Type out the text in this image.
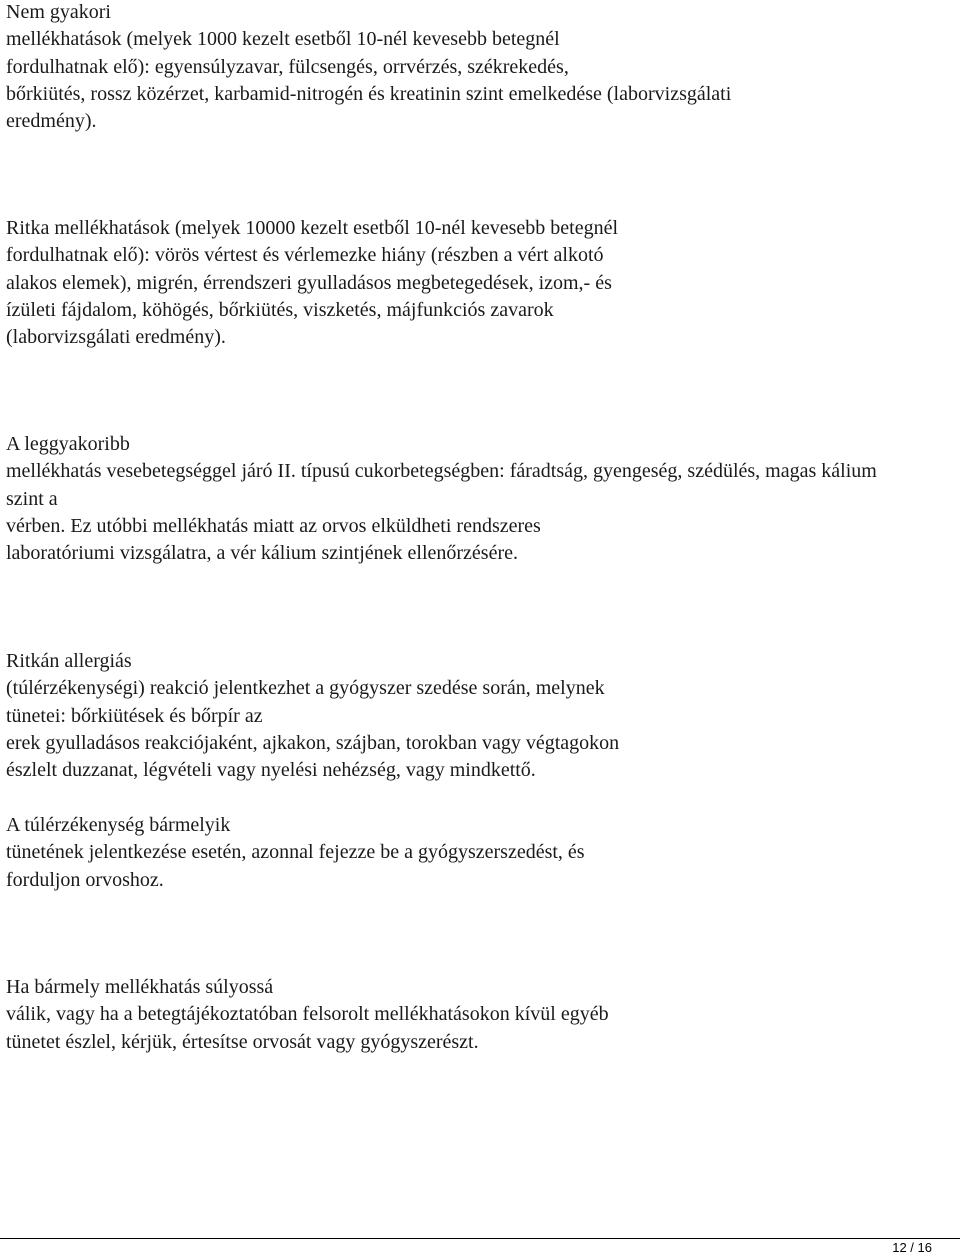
Nem gyakori
mellékhatások (melyek 1000 kezelt esetből 10-nél kevesebb betegnél
fordulhatnak elő): egyensúlyzavar, fülcsengés, orrvérzés, székrekedés,
bőrkiütés, rossz közérzet, karbamid-nitrogén és kreatinin szint emelkedése (laborvizsgálati
eredmény).

Ritka mellékhatások (melyek 10000 kezelt esetből 10-nél kevesebb betegnél
fordulhatnak elő): vörös vértest és vérlemezke hiány (részben a vért alkotó
alakos elemek), migrén, érrendszeri gyulladásos megbetegedések, izom,- és
ízületi fájdalom, köhögés, bőrkiütés, viszketés, májfunkciós zavarok
(laborvizsgálati eredmény).

A leggyakoribb
mellékhatás vesebetegséggel járó II. típusú cukorbetegségben: fáradtság, gyengeség, szédülés, magas kálium
szint a
vérben. Ez utóbbi mellékhatás miatt az orvos elküldheti rendszeres
laboratóriumi vizsgálatra, a vér kálium szintjének ellenőrzésére.

Ritkán allergiás
(túlérzékenységi) reakció jelentkezhet a gyógyszer szedése során, melynek
tünetei: bőrkiütések és bőrpír az
erek gyulladásos reakciójaként, ajkakon, szájban, torokban vagy végtagokon
észlelt duzzanat, légvételi vagy nyelési nehézség, vagy mindkettő.

A túlérzékenység bármelyik
tünetének jelentkezése esetén, azonnal fejezze be a gyógyszerszedést, és
forduljon orvoshoz.

Ha bármely mellékhatás súlyossá
válik, vagy ha a betegtájékoztatóban felsorolt mellékhatásokon kívül egyéb
tünetet észlel, kérjük, értesítse orvosát vagy gyógyszerészt.

12 / 16
